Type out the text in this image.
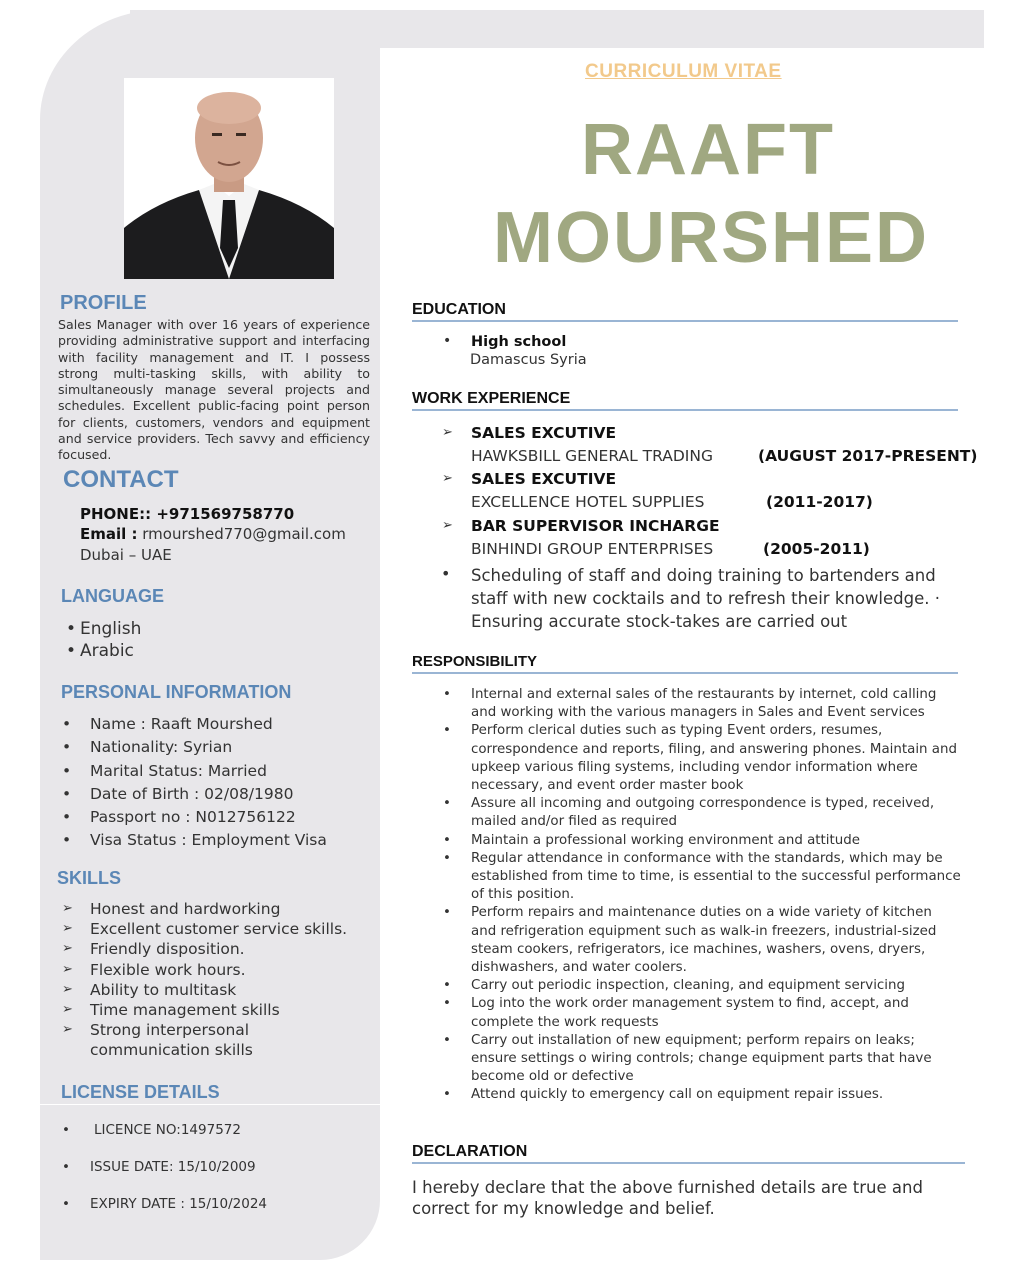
PROFILE
Sales Manager with over 16 years of experience providing administrative support and interfacing with facility management and IT. I possess strong multi-tasking skills, with ability to simultaneously manage several projects and schedules. Excellent public-facing point person for clients, customers, vendors and equipment and service providers. Tech savvy and efficiency focused.
CONTACT
PHONE:: +971569758770
Email : rmourshed770@gmail.com
Dubai – UAE
LANGUAGE
• English
• Arabic
PERSONAL INFORMATION
• Name : Raaft Mourshed
• Nationality: Syrian
• Marital Status: Married
• Date of Birth : 02/08/1980
• Passport no : N012756122
• Visa Status : Employment Visa
SKILLS
➢ Honest and hardworking
➢ Excellent customer service skills.
➢ Friendly disposition.
➢ Flexible work hours.
➢ Ability to multitask
➢ Time management skills
➢ Strong interpersonal communication skills
LICENSE DETAILS
• LICENCE NO:1497572
• ISSUE DATE: 15/10/2009
• EXPIRY DATE : 15/10/2024
CURRICULUM VITAE
RAAFT
MOURSHED
EDUCATION
High school
•
Damascus Syria
WORK EXPERIENCE
➢ SALES EXCUTIVE
HAWKSBILL GENERAL TRADING	(AUGUST 2017-PRESENT)
➢ SALES EXCUTIVE
EXCELLENCE HOTEL SUPPLIES	(2011-2017)
➢ BAR SUPERVISOR INCHARGE
BINHINDI GROUP ENTERPRISES	(2005-2011)
• Scheduling of staff and doing training to bartenders and
staff with new cocktails and to refresh their knowledge. ·
Ensuring accurate stock-takes are carried out
RESPONSIBILITY
• Internal and external sales of the restaurants by internet, cold calling and working with the various managers in Sales and Event services
• Perform clerical duties such as typing Event orders, resumes, correspondence and reports, filing, and answering phones. Maintain and upkeep various filing systems, including vendor information where necessary, and event order master book
• Assure all incoming and outgoing correspondence is typed, received, mailed and/or filed as required
• Maintain a professional working environment and attitude
• Regular attendance in conformance with the standards, which may be established from time to time, is essential to the successful performance of this position.
• Perform repairs and maintenance duties on a wide variety of kitchen and refrigeration equipment such as walk-in freezers, industrial-sized steam cookers, refrigerators, ice machines, washers, ovens, dryers, dishwashers, and water coolers.
• Carry out periodic inspection, cleaning, and equipment servicing
• Log into the work order management system to find, accept, and complete the work requests
• Carry out installation of new equipment; perform repairs on leaks; ensure settings o wiring controls; change equipment parts that have become old or defective
• Attend quickly to emergency call on equipment repair issues.
DECLARATION
I hereby declare that the above furnished details are true and correct for my knowledge and belief.
